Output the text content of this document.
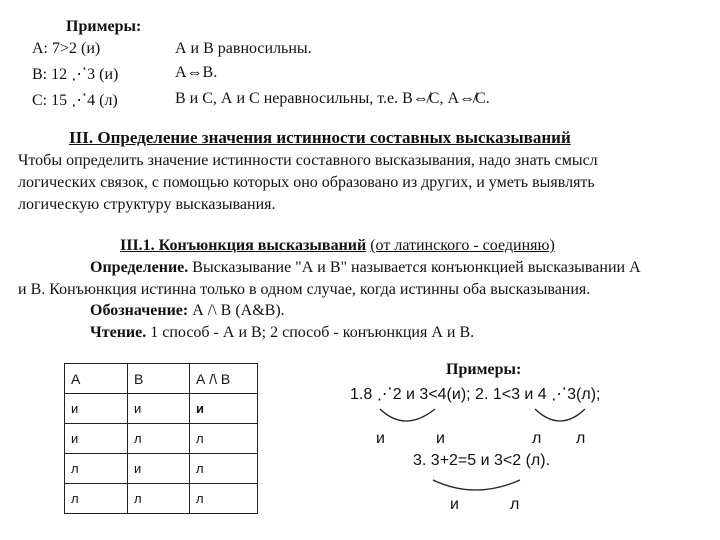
Примеры:
A: 7>2 (и)	А и В равносильны.
B: 12 ⋰3 (и)	А⇔В.
C: 15 ⋰4 (л)	В и С, А и С неравносильны, т.е. В⇎С, А⇎С.
III. Определение значения истинности составных высказываний
Чтобы определить значение истинности составного высказывания, надо знать смысл
логических связок, с помощью которых оно образовано из других, и уметь выявлять
логическую структуру высказывания.
III.1. Конъюнкция высказываний (от латинского - соединяю)
Определение. Высказывание "А и В" называется конъюнкцией высказывании А
и В. Конъюнкция истинна только в одном случае, когда истинны оба высказывания.
Обозначение: А /\ В (А&В).
Чтение. 1 способ - А и В; 2 способ - конъюнкция А и В.
А	В	А /\ В
и	и	и
и	л	л
л	и	л
л	л	л
Примеры:
1.8 ⋰2 и 3<4(и); 2. 1<3 и 4 ⋰3(л);
и	и	л л
3. 3+2=5 и 3<2 (л).
и	л
